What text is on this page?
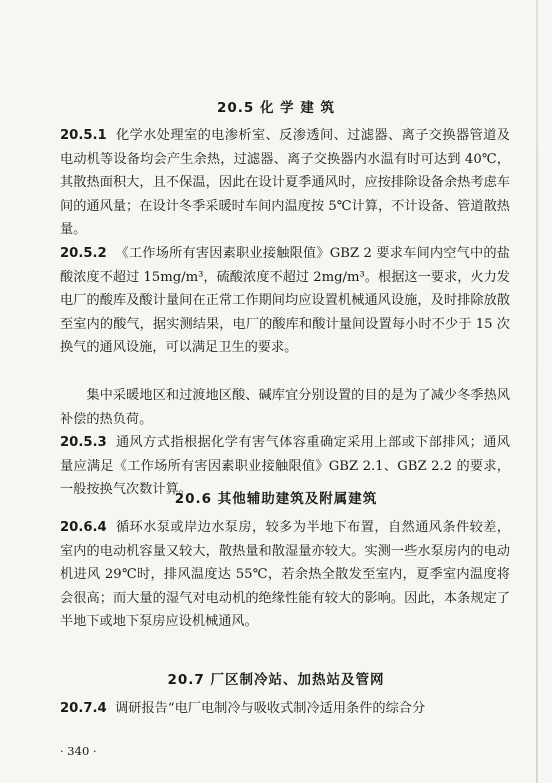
20.5 化 学 建 筑
20.5.1 化学水处理室的电渗析室、反渗透间、过滤器、离子交换器管道及电动机等设备均会产生余热，过滤器、离子交换器内水温有时可达到 40℃，其散热面积大，且不保温，因此在设计夏季通风时，应按排除设备余热考虑车间的通风量；在设计冬季采暖时车间内温度按 5℃计算，不计设备、管道散热量。
20.5.2 《工作场所有害因素职业接触限值》GBZ 2 要求车间内空气中的盐酸浓度不超过 15mg/m³，硫酸浓度不超过 2mg/m³。根据这一要求，火力发电厂的酸库及酸计量间在正常工作期间均应设置机械通风设施，及时排除放散至室内的酸气，据实测结果，电厂的酸库和酸计量间设置每小时不少于 15 次换气的通风设施，可以满足卫生的要求。
集中采暖地区和过渡地区酸、碱库宜分别设置的目的是为了减少冬季热风补偿的热负荷。
20.5.3 通风方式指根据化学有害气体容重确定采用上部或下部排风；通风量应满足《工作场所有害因素职业接触限值》GBZ 2.1、GBZ 2.2 的要求，一般按换气次数计算。
20.6 其他辅助建筑及附属建筑
20.6.4 循环水泵或岸边水泵房，较多为半地下布置，自然通风条件较差，室内的电动机容量又较大，散热量和散湿量亦较大。实测一些水泵房内的电动机进风 29℃时，排风温度达 55℃，若余热全散发至室内，夏季室内温度将会很高；而大量的湿气对电动机的绝缘性能有较大的影响。因此，本条规定了半地下或地下泵房应设机械通风。
20.7 厂区制冷站、加热站及管网
20.7.4 调研报告“电厂电制冷与吸收式制冷适用条件的综合分
· 340 ·
